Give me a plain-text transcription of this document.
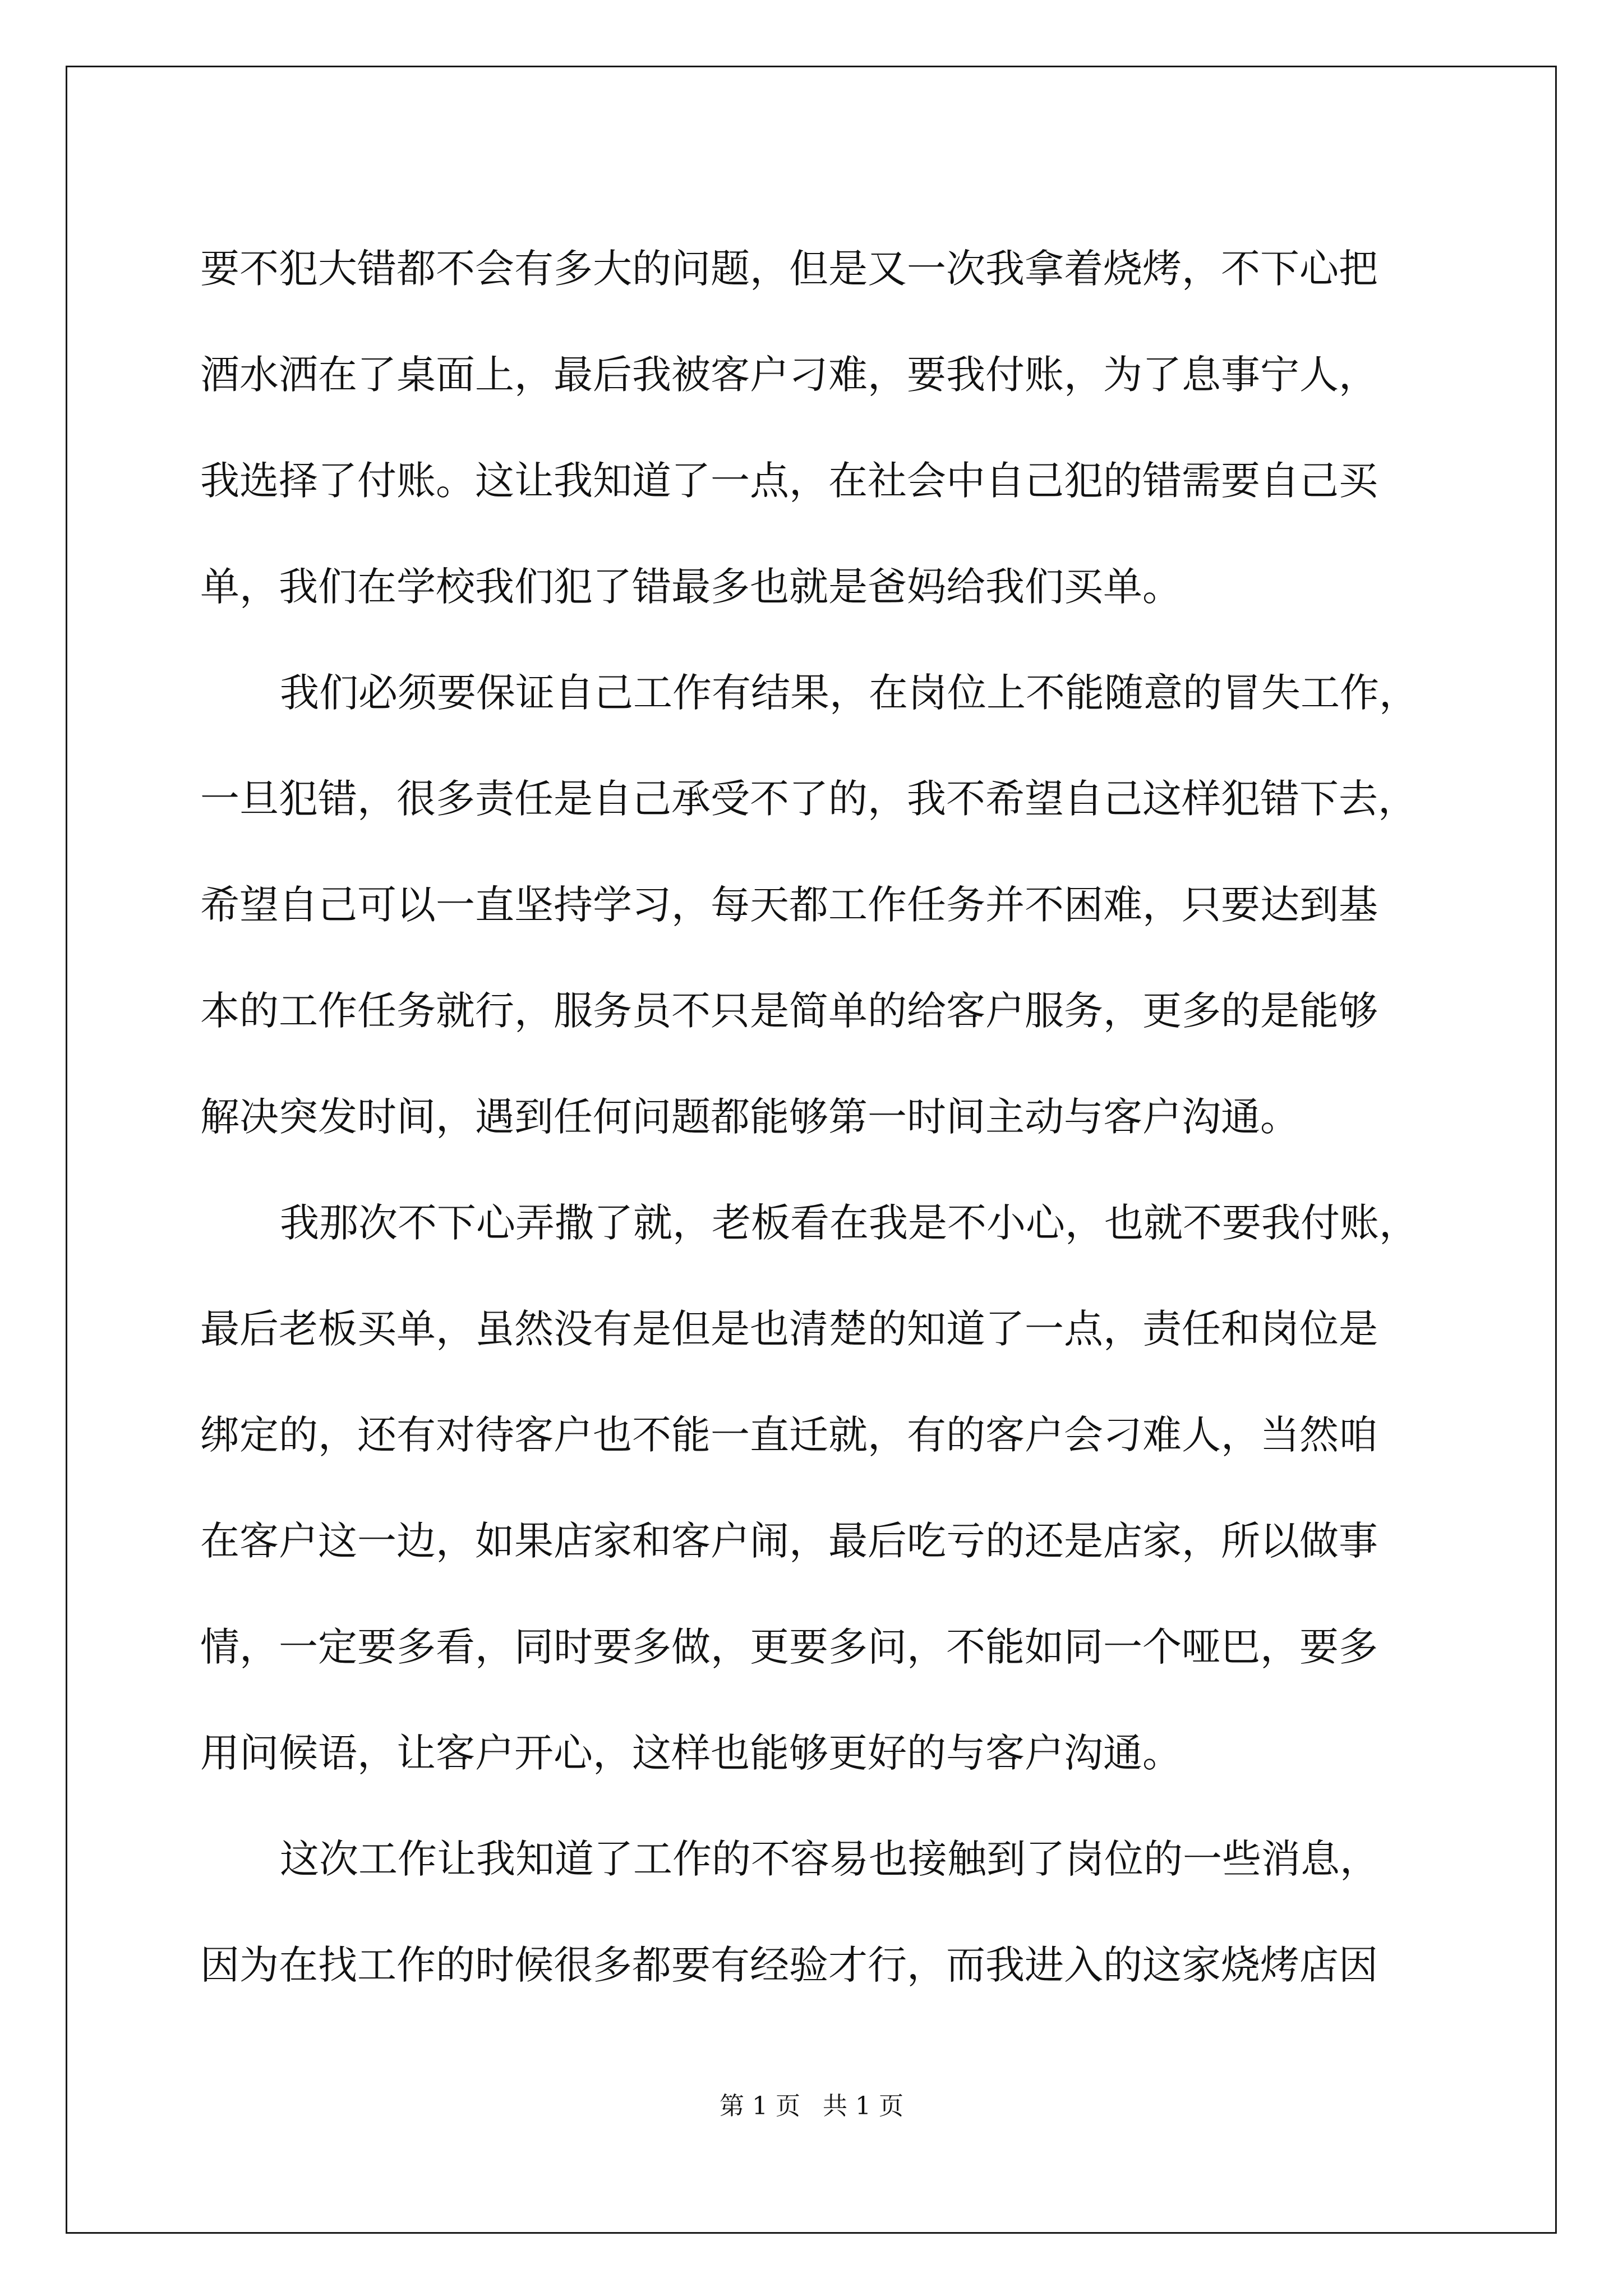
要不犯大错都不会有多大的问题，但是又一次我拿着烧烤，不下心把
酒水洒在了桌面上，最后我被客户刁难，要我付账，为了息事宁人，
我选择了付账。这让我知道了一点，在社会中自己犯的错需要自己买
单，我们在学校我们犯了错最多也就是爸妈给我们买单。
我们必须要保证自己工作有结果，在岗位上不能随意的冒失工作，
一旦犯错，很多责任是自己承受不了的，我不希望自己这样犯错下去，
希望自己可以一直坚持学习，每天都工作任务并不困难，只要达到基
本的工作任务就行，服务员不只是简单的给客户服务，更多的是能够
解决突发时间，遇到任何问题都能够第一时间主动与客户沟通。
我那次不下心弄撒了就，老板看在我是不小心，也就不要我付账，
最后老板买单，虽然没有是但是也清楚的知道了一点，责任和岗位是
绑定的，还有对待客户也不能一直迁就，有的客户会刁难人，当然咱
在客户这一边，如果店家和客户闹，最后吃亏的还是店家，所以做事
情，一定要多看，同时要多做，更要多问，不能如同一个哑巴，要多
用问候语，让客户开心，这样也能够更好的与客户沟通。
这次工作让我知道了工作的不容易也接触到了岗位的一些消息，
因为在找工作的时候很多都要有经验才行，而我进入的这家烧烤店因
第 1 页 共 1 页
